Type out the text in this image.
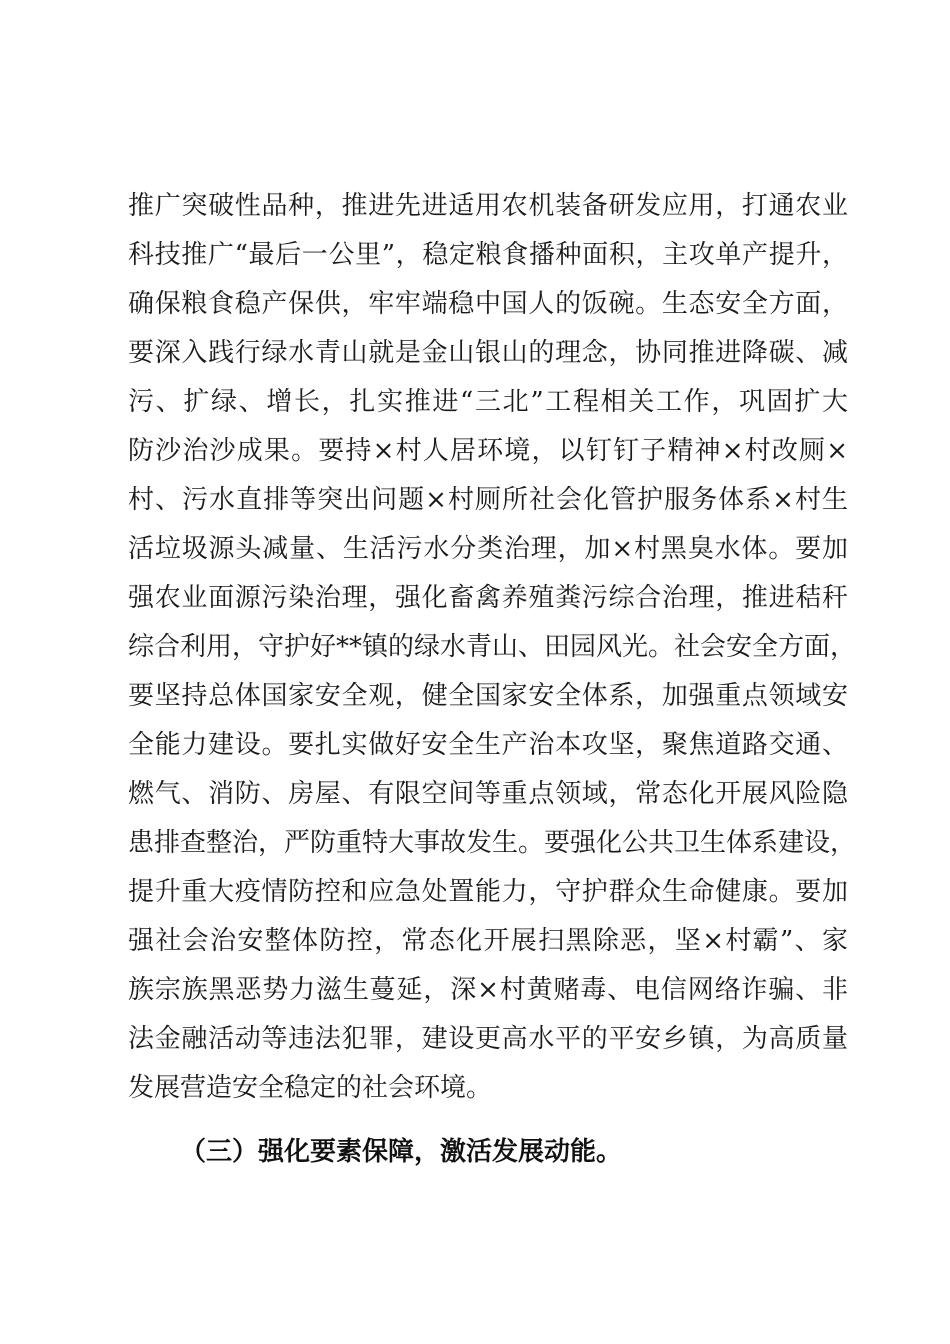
推广突破性品种，推进先进适用农机装备研发应用，打通农业
科技推广“最后一公里”，稳定粮食播种面积，主攻单产提升，
确保粮食稳产保供，牢牢端稳中国人的饭碗。生态安全方面，
要深入践行绿水青山就是金山银山的理念，协同推进降碳、减
污、扩绿、增长，扎实推进“三北”工程相关工作，巩固扩大
防沙治沙成果。要持×村人居环境，以钉钉子精神×村改厕×
村、污水直排等突出问题×村厕所社会化管护服务体系×村生
活垃圾源头减量、生活污水分类治理，加×村黑臭水体。要加
强农业面源污染治理，强化畜禽养殖粪污综合治理，推进秸秆
综合利用，守护好**镇的绿水青山、田园风光。社会安全方面，
要坚持总体国家安全观，健全国家安全体系，加强重点领域安
全能力建设。要扎实做好安全生产治本攻坚，聚焦道路交通、
燃气、消防、房屋、有限空间等重点领域，常态化开展风险隐
患排查整治，严防重特大事故发生。要强化公共卫生体系建设，
提升重大疫情防控和应急处置能力，守护群众生命健康。要加
强社会治安整体防控，常态化开展扫黑除恶，坚×村霸”、家
族宗族黑恶势力滋生蔓延，深×村黄赌毒、电信网络诈骗、非
法金融活动等违法犯罪，建设更高水平的平安乡镇，为高质量
发展营造安全稳定的社会环境。
（三）强化要素保障，激活发展动能。
